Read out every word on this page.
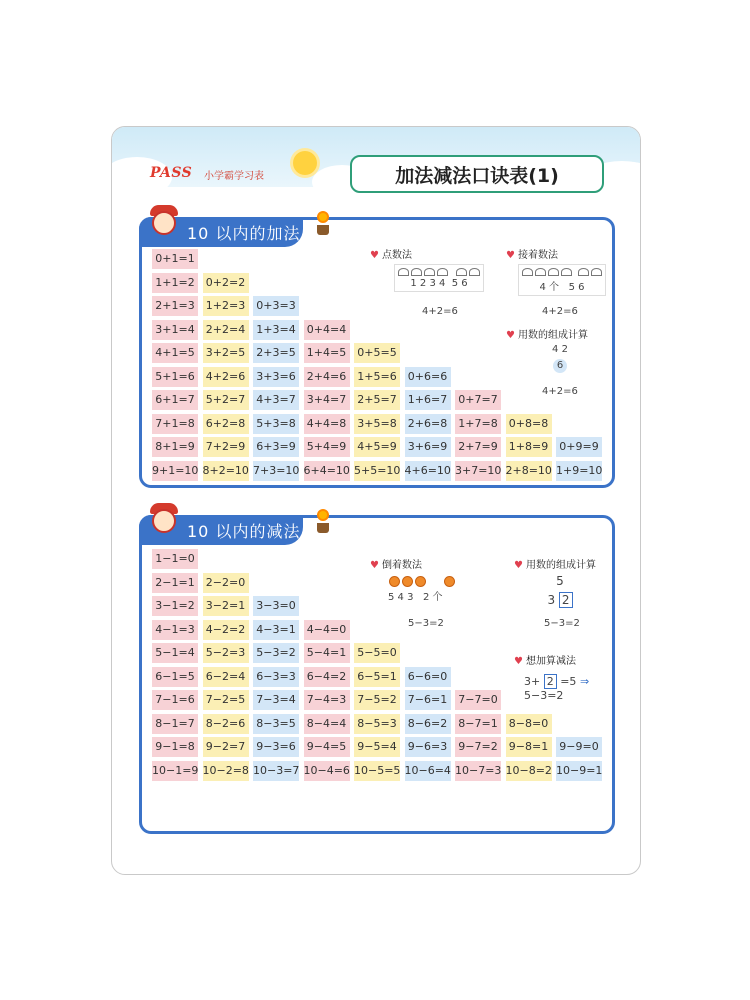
PASS 小学霸学习表	加法减法口诀表(1)
10 以内的加法
0+1=1
1+1=2	0+2=2
2+1=3	1+2=3	0+3=3
3+1=4	2+2=4	1+3=4	0+4=4
4+1=5	3+2=5	2+3=5	1+4=5	0+5=5
5+1=6	4+2=6	3+3=6	2+4=6	1+5=6	0+6=6
6+1=7	5+2=7	4+3=7	3+4=7	2+5=7	1+6=7	0+7=7
7+1=8	6+2=8	5+3=8	4+4=8	3+5=8	2+6=8	1+7=8	0+8=8
8+1=9	7+2=9	6+3=9	5+4=9	4+5=9	3+6=9	2+7=9	1+8=9	0+9=9
9+1=10 8+2=10 7+3=10 6+4=10 5+5=10 4+6=10 3+7=10 2+8=10 1+9=10
♥ 点数法

1 2 3 4 5 6
4+2=6
♥ 接着数法

4 个 5 6
4+2=6
♥ 用数的组成计算
4 2
6
4+2=6
10 以内的减法
1−1=0
2−1=1	2−2=0
3−1=2	3−2=1	3−3=0
4−1=3	4−2=2	4−3=1	4−4=0
5−1=4	5−2=3	5−3=2	5−4=1	5−5=0
6−1=5	6−2=4	6−3=3	6−4=2	6−5=1	6−6=0
7−1=6	7−2=5	7−3=4	7−4=3	7−5=2	7−6=1	7−7=0
8−1=7	8−2=6	8−3=5	8−4=4	8−5=3	8−6=2	8−7=1	8−8=0
9−1=8	9−2=7	9−3=6	9−4=5	9−5=4	9−6=3	9−7=2	9−8=1	9−9=0
10−1=9 10−2=8 10−3=7 10−4=6 10−5=5 10−6=4 10−7=3 10−8=2 10−9=1
♥ 倒着数法

5 4 3 2 个
5−3=2
♥ 用数的组成计算
5
3 2
5−3=2
♥ 想加算减法
3+ 2 =5 ⇒ 5−3=2
